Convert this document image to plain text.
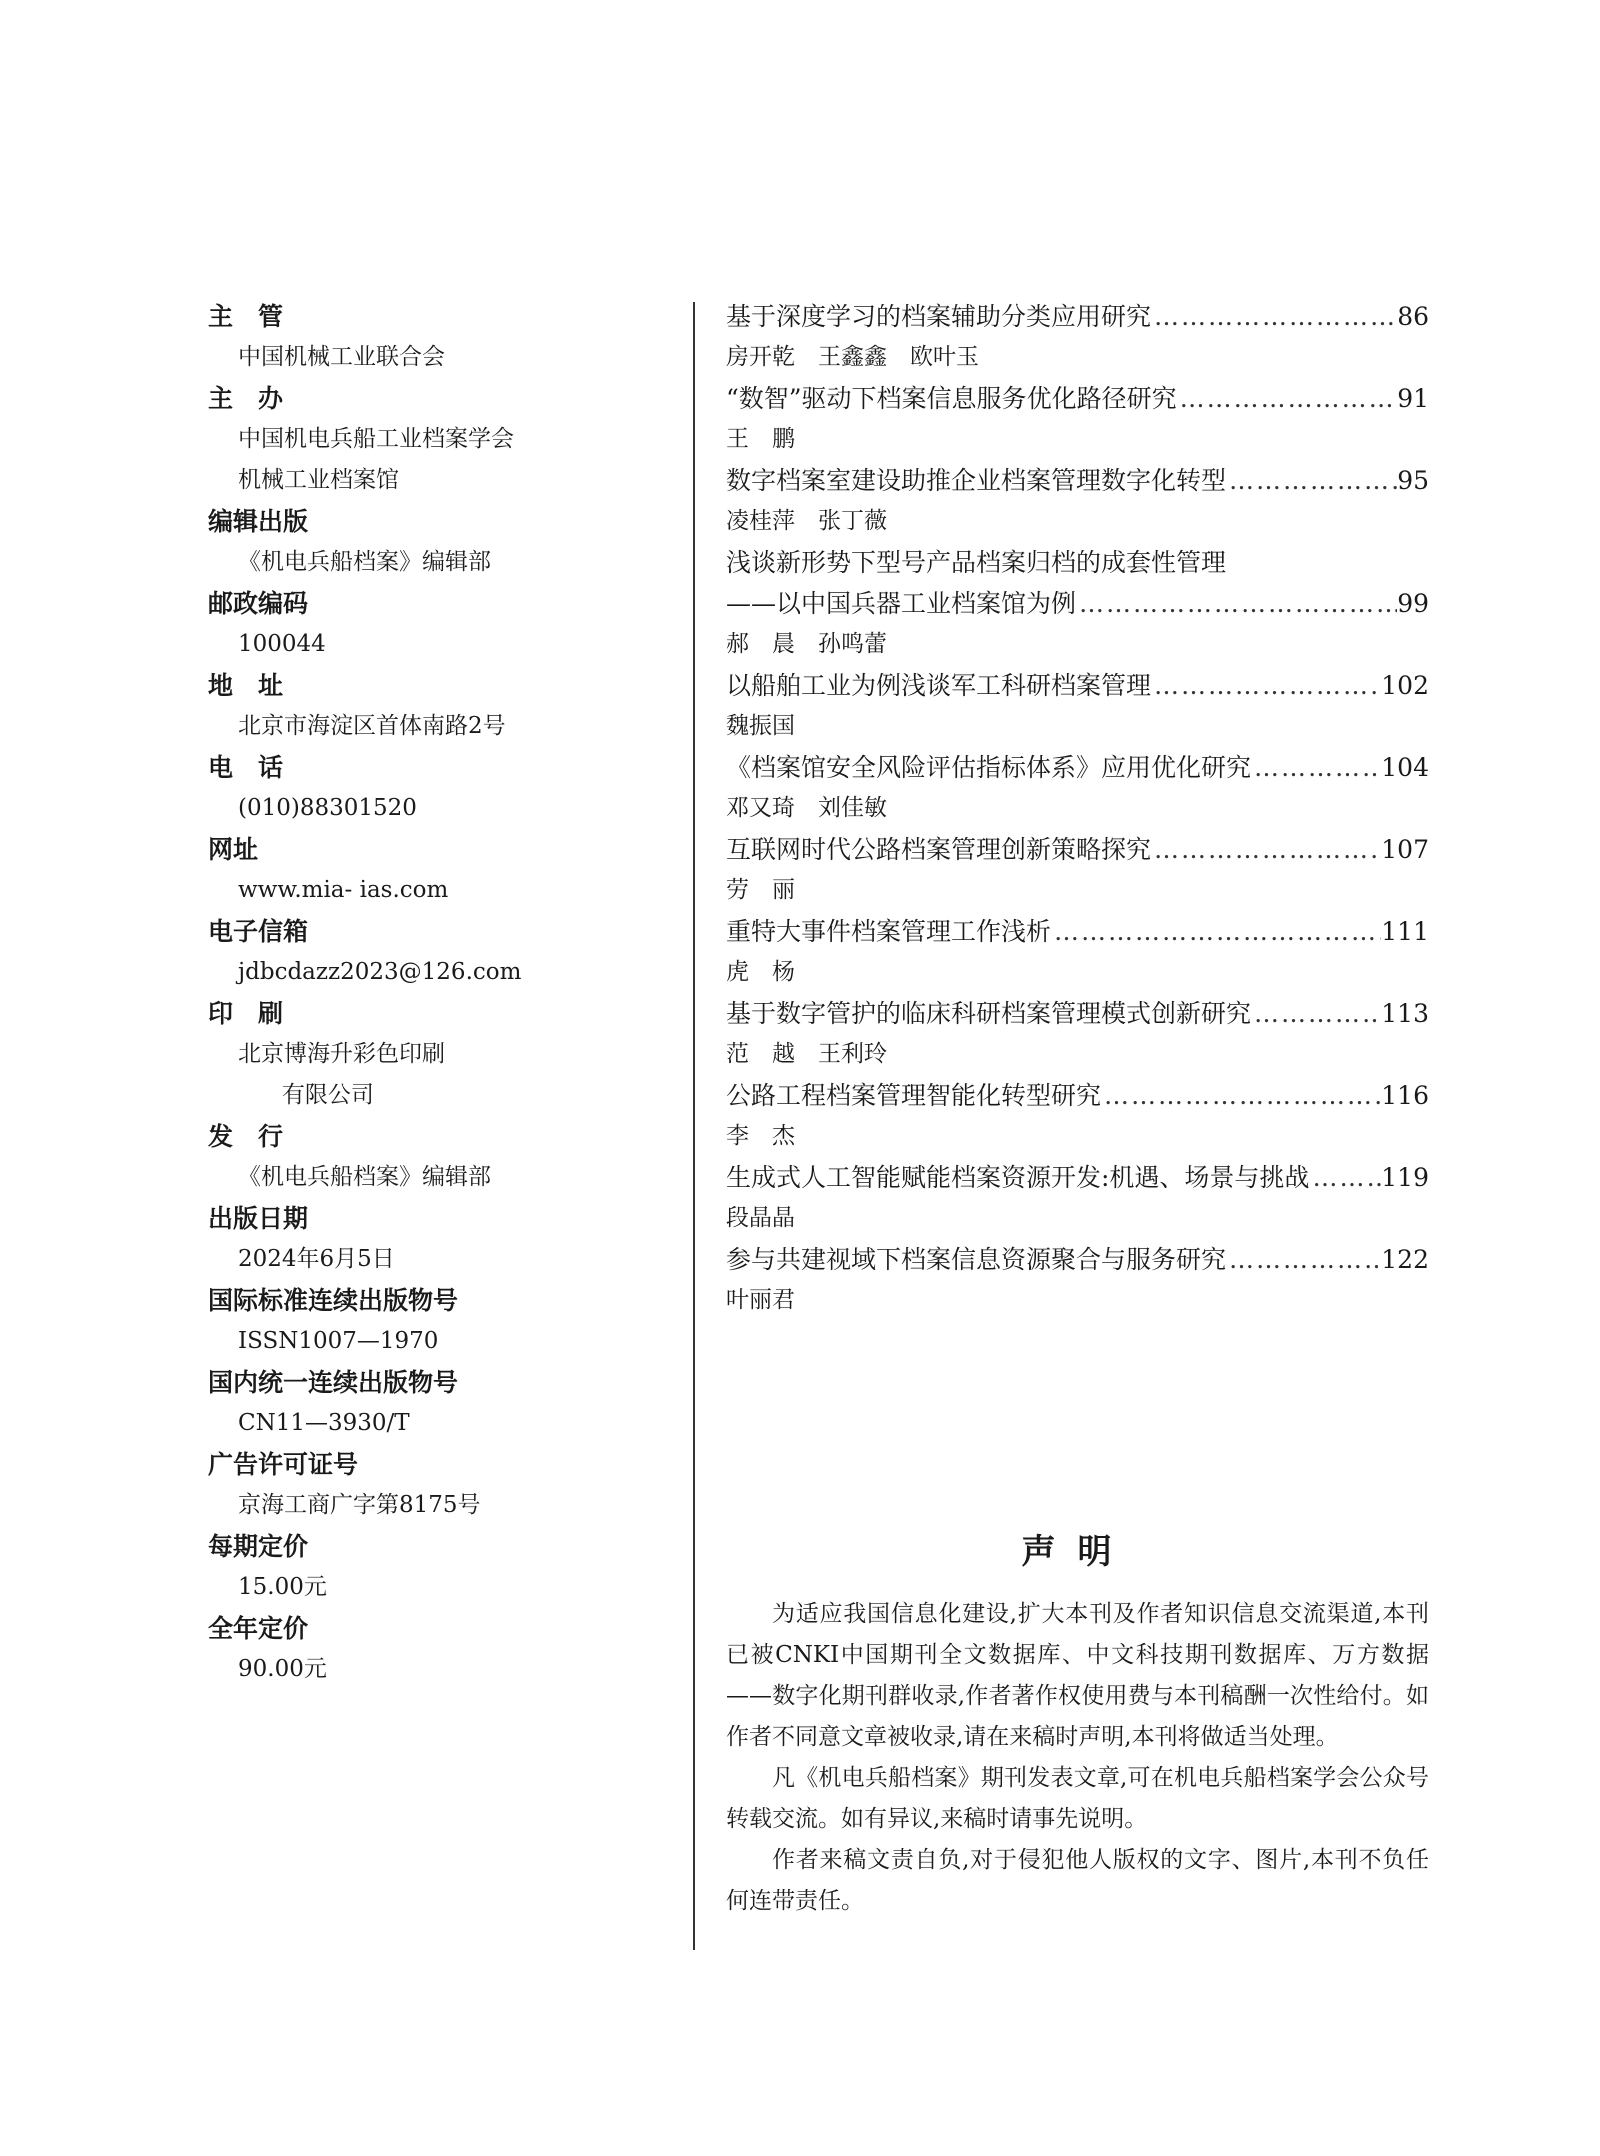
主　管
中国机械工业联合会
主　办
中国机电兵船工业档案学会
机械工业档案馆
编辑出版
《机电兵船档案》编辑部
邮政编码
100044
地　址
北京市海淀区首体南路2号
电　话
(010)88301520
网址
www.mia- ias.com
电子信箱
jdbcdazz2023@126.com
印　刷
北京博海升彩色印刷
有限公司
发　行
《机电兵船档案》编辑部
出版日期
2024年6月5日
国际标准连续出版物号
ISSN1007—1970
国内统一连续出版物号
CN11—3930/T
广告许可证号
京海工商广字第8175号
每期定价
15.00元
全年定价
90.00元
基于深度学习的档案辅助分类应用研究 …………………………………………………………………………………………………………	86
房开乾　王鑫鑫　欧叶玉
“数智”驱动下档案信息服务优化路径研究 …………………………………………………………………………………………………………	91
王　鹏
数字档案室建设助推企业档案管理数字化转型 …………………………………………………………………………………………………………	95
凌桂萍　张丁薇
浅谈新形势下型号产品档案归档的成套性管理
——以中国兵器工业档案馆为例 …………………………………………………………………………………………………………	99
郝　晨　孙鸣蕾
以船舶工业为例浅谈军工科研档案管理 …………………………………………………………………………………………………………	102
魏振国
《档案馆安全风险评估指标体系》应用优化研究 …………………………………………………………………………………………………………	104
邓又琦　刘佳敏
互联网时代公路档案管理创新策略探究 …………………………………………………………………………………………………………	107
劳　丽
重特大事件档案管理工作浅析 …………………………………………………………………………………………………………	111
虎　杨
基于数字管护的临床科研档案管理模式创新研究 …………………………………………………………………………………………………………	113
范　越　王利玲
公路工程档案管理智能化转型研究 …………………………………………………………………………………………………………	116
李　杰
生成式人工智能赋能档案资源开发:机遇、场景与挑战 …………………………………………………………………………………………………………	119
段晶晶
参与共建视域下档案信息资源聚合与服务研究 …………………………………………………………………………………………………………	122
叶丽君
声明

为适应我国信息化建设,扩大本刊及作者知识信息交流渠道,本刊已被CNKI中国期刊全文数据库、中文科技期刊数据库、万方数据——数字化期刊群收录,作者著作权使用费与本刊稿酬一次性给付。如作者不同意文章被收录,请在来稿时声明,本刊将做适当处理。

凡《机电兵船档案》期刊发表文章,可在机电兵船档案学会公众号转载交流。如有异议,来稿时请事先说明。

作者来稿文责自负,对于侵犯他人版权的文字、图片,本刊不负任何连带责任。
